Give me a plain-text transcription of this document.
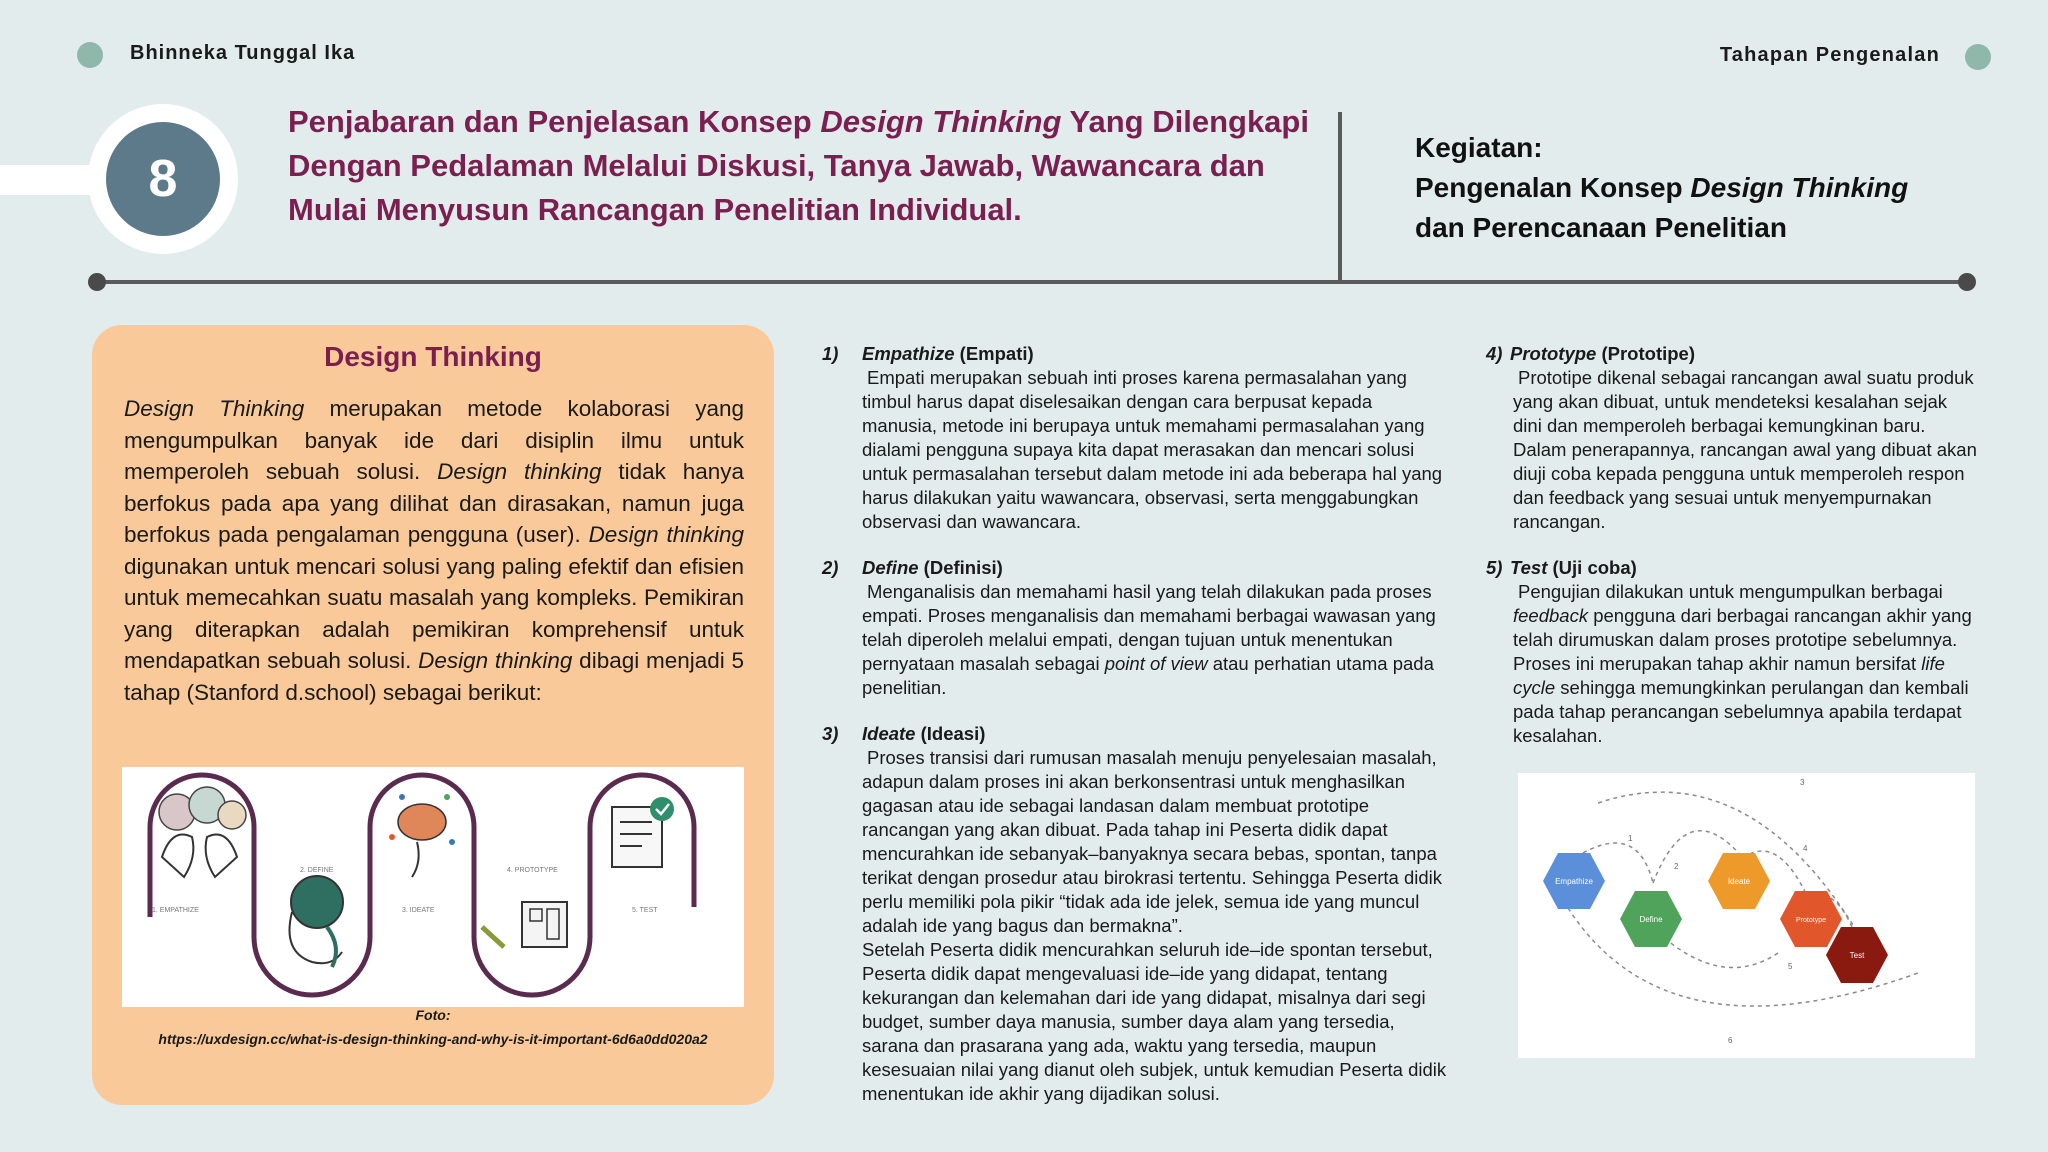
Bhinneka Tunggal Ika	Tahapan Pengenalan
8
Penjabaran dan Penjelasan Konsep Design Thinking Yang Dilengkapi Dengan Pedalaman Melalui Diskusi, Tanya Jawab, Wawancara dan Mulai Menyusun Rancangan Penelitian Individual.
Kegiatan:
Pengenalan Konsep Design Thinking
dan Perencanaan Penelitian
Design Thinking
Design Thinking merupakan metode kolaborasi yang mengumpulkan banyak ide dari disiplin ilmu untuk memperoleh sebuah solusi. Design thinking tidak hanya berfokus pada apa yang dilihat dan dirasakan, namun juga berfokus pada pengalaman pengguna (user). Design thinking digunakan untuk mencari solusi yang paling efektif dan efisien untuk memecahkan suatu masalah yang kompleks. Pemikiran yang diterapkan adalah pemikiran komprehensif untuk mendapatkan sebuah solusi. Design thinking dibagi menjadi 5 tahap (Stanford d.school) sebagai berikut:
1. EMPATHIZE
2. DEFINE
3. IDEATE
4. PROTOTYPE
5. TEST
Foto:
https://uxdesign.cc/what-is-design-thinking-and-why-is-it-important-6d6a0dd020a2
1) Empathize (Empati)
Empati merupakan sebuah inti proses karena permasalahan yang timbul harus dapat diselesaikan dengan cara berpusat kepada manusia, metode ini berupaya untuk memahami permasalahan yang dialami pengguna supaya kita dapat merasakan dan mencari solusi untuk permasalahan tersebut dalam metode ini ada beberapa hal yang harus dilakukan yaitu wawancara, observasi, serta menggabungkan observasi dan wawancara.
2) Define (Definisi)
Menganalisis dan memahami hasil yang telah dilakukan pada proses empati. Proses menganalisis dan memahami berbagai wawasan yang telah diperoleh melalui empati, dengan tujuan untuk menentukan pernyataan masalah sebagai point of view atau perhatian utama pada penelitian.
3) Ideate (Ideasi)
Proses transisi dari rumusan masalah menuju penyelesaian masalah, adapun dalam proses ini akan berkonsentrasi untuk menghasilkan gagasan atau ide sebagai landasan dalam membuat prototipe rancangan yang akan dibuat. Pada tahap ini Peserta didik dapat mencurahkan ide sebanyak–banyaknya secara bebas, spontan, tanpa terikat dengan prosedur atau birokrasi tertentu. Sehingga Peserta didik perlu memiliki pola pikir “tidak ada ide jelek, semua ide yang muncul adalah ide yang bagus dan bermakna”.
Setelah Peserta didik mencurahkan seluruh ide–ide spontan tersebut, Peserta didik dapat mengevaluasi ide–ide yang didapat, tentang kekurangan dan kelemahan dari ide yang didapat, misalnya dari segi budget, sumber daya manusia, sumber daya alam yang tersedia, sarana dan prasarana yang ada, waktu yang tersedia, maupun kesesuaian nilai yang dianut oleh subjek, untuk kemudian Peserta didik menentukan ide akhir yang dijadikan solusi.
4) Prototype (Prototipe)
Prototipe dikenal sebagai rancangan awal suatu produk yang akan dibuat, untuk mendeteksi kesalahan sejak dini dan memperoleh berbagai kemungkinan baru. Dalam penerapannya, rancangan awal yang dibuat akan diuji coba kepada pengguna untuk memperoleh respon dan feedback yang sesuai untuk menyempurnakan rancangan.
5) Test (Uji coba)
Pengujian dilakukan untuk mengumpulkan berbagai feedback pengguna dari berbagai rancangan akhir yang telah dirumuskan dalam proses prototipe sebelumnya. Proses ini merupakan tahap akhir namun bersifat life cycle sehingga memungkinkan perulangan dan kembali pada tahap perancangan sebelumnya apabila terdapat kesalahan.
Empathize
Define
Ideate
Prototype
Test
1
2
3
4
5
6
